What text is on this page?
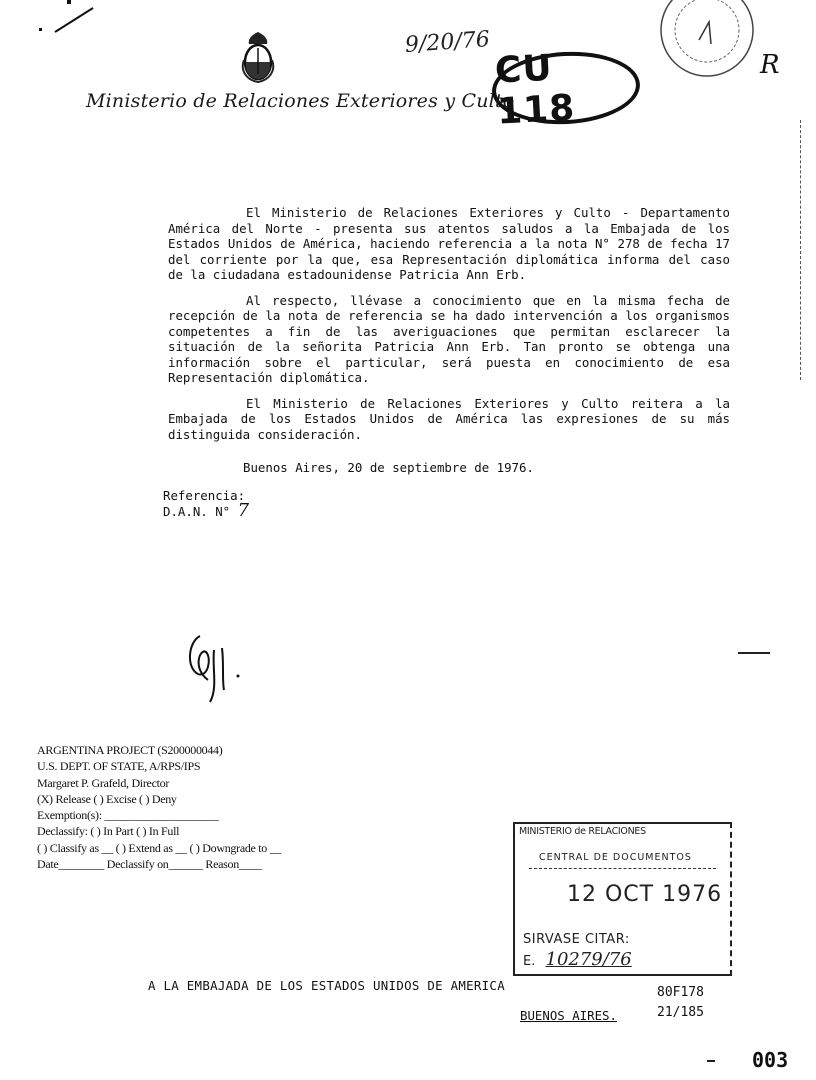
Ministerio de Relaciones Exteriores y Culto
9/20/76
CU 118
R

El Ministerio de Relaciones Exteriores y Culto - Departamento América del Norte - presenta sus atentos saludos a la Embajada de los Estados Unidos de América, haciendo referencia a la nota N° 278 de fecha 17 del corriente por la que, esa Representación diplomática informa del caso de la ciudadana estadounidense Patricia Ann Erb.

Al respecto, llévase a conocimiento que en la misma fecha de recepción de la nota de referencia se ha dado intervención a los organismos competentes a fin de las averiguaciones que permitan esclarecer la situación de la señorita Patricia Ann Erb. Tan pronto se obtenga una información sobre el particular, será puesta en conocimiento de esa Representación diplomática.

El Ministerio de Relaciones Exteriores y Culto reitera a la Embajada de los Estados Unidos de América las expresiones de su más distinguida consideración.

Buenos Aires, 20 de septiembre de 1976.
Referencia:
D.A.N. N° 7
ARGENTINA PROJECT (S200000044)
U.S. DEPT. OF STATE, A/RPS/IPS
Margaret P. Grafeld, Director
(X) Release ( ) Excise ( ) Deny
Exemption(s): ____________________
Declassify: ( ) In Part ( ) In Full
( ) Classify as __ ( ) Extend as __ ( ) Downgrade to __
Date________ Declassify on______ Reason____
MINISTERIO de RELACIONES
CENTRAL DE DOCUMENTOS
12 OCT 1976
SIRVASE CITAR:
E. 10279/76
A LA EMBAJADA DE LOS ESTADOS UNIDOS DE AMERICA
BUENOS AIRES.
80F178
21/185
003
